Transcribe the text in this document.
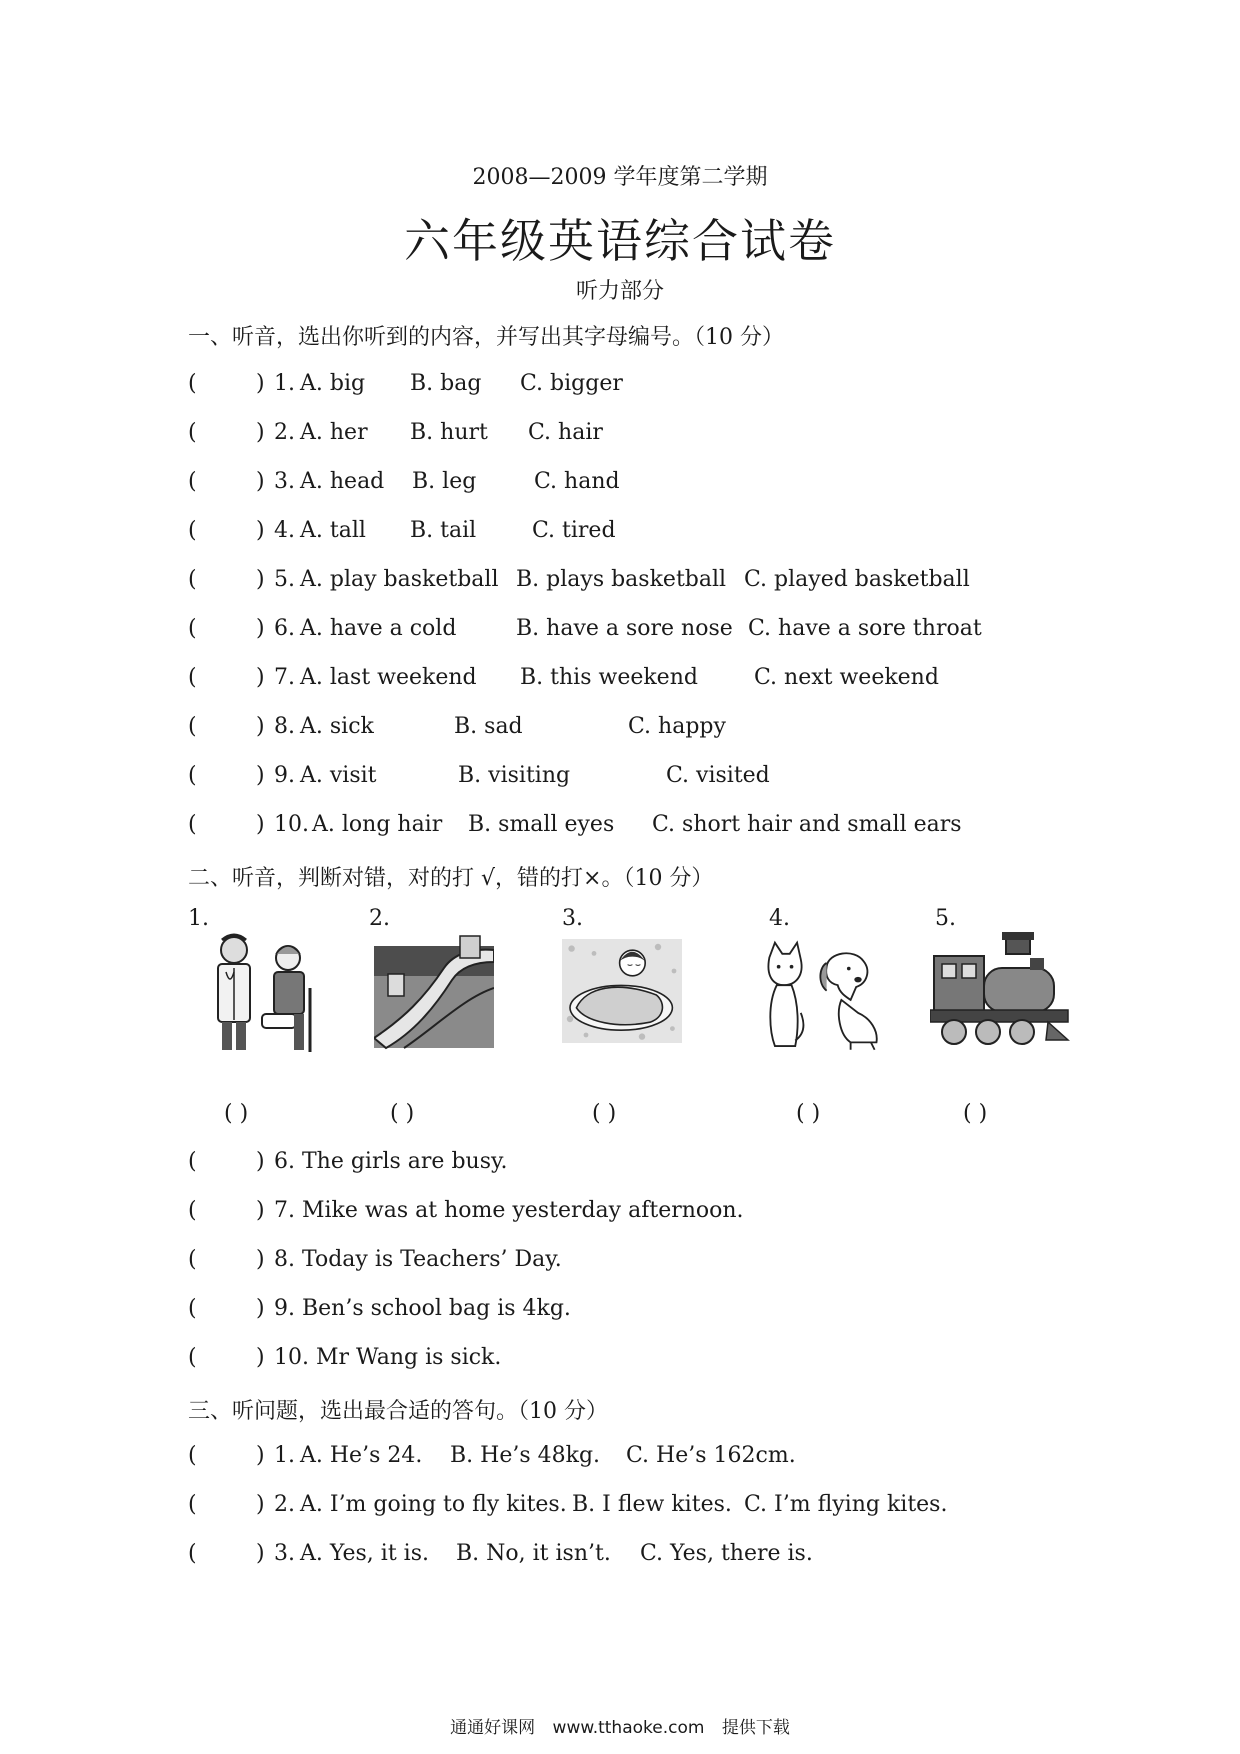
2008—2009 学年度第二学期
六年级英语综合试卷
听力部分
一、听音，选出你听到的内容，并写出其字母编号。（10 分）
(	) 1. A. big B. bag C. bigger
(	) 2. A. her B. hurt C. hair
(	) 3. A. head B. leg	C. hand
(	) 4. A. tall B. tail	C. tired
(	) 5. A. play basketball B. plays basketball C. played basketball
(	) 6. A. have a cold	B. have a sore nose C. have a sore throat
(	) 7. A. last weekend B. this weekend	C. next weekend
(	) 8. A. sick	B. sad	C. happy
(	) 9. A. visit	B. visiting	C. visited
(	) 10. A. long hair B. small eyes C. short hair and small ears
二、听音，判断对错，对的打 √，错的打×。（10 分）
1.	2.	3.	4.	5.
( )	( )	( )	( )	( )
(	) 6. The girls are busy.
(	) 7. Mike was at home yesterday afternoon.
(	) 8. Today is Teachers’ Day.
(	) 9. Ben’s school bag is 4kg.
(	) 10. Mr Wang is sick.
三、听问题，选出最合适的答句。（10 分）
(	) 1. A. He’s 24. B. He’s 48kg. C. He’s 162cm.
(	) 2. A. I’m going to fly kites. B. I flew kites. C. I’m flying kites.
(	) 3. A. Yes, it is. B. No, it isn’t. C. Yes, there is.
通通好课网 www.tthaoke.com 提供下载
